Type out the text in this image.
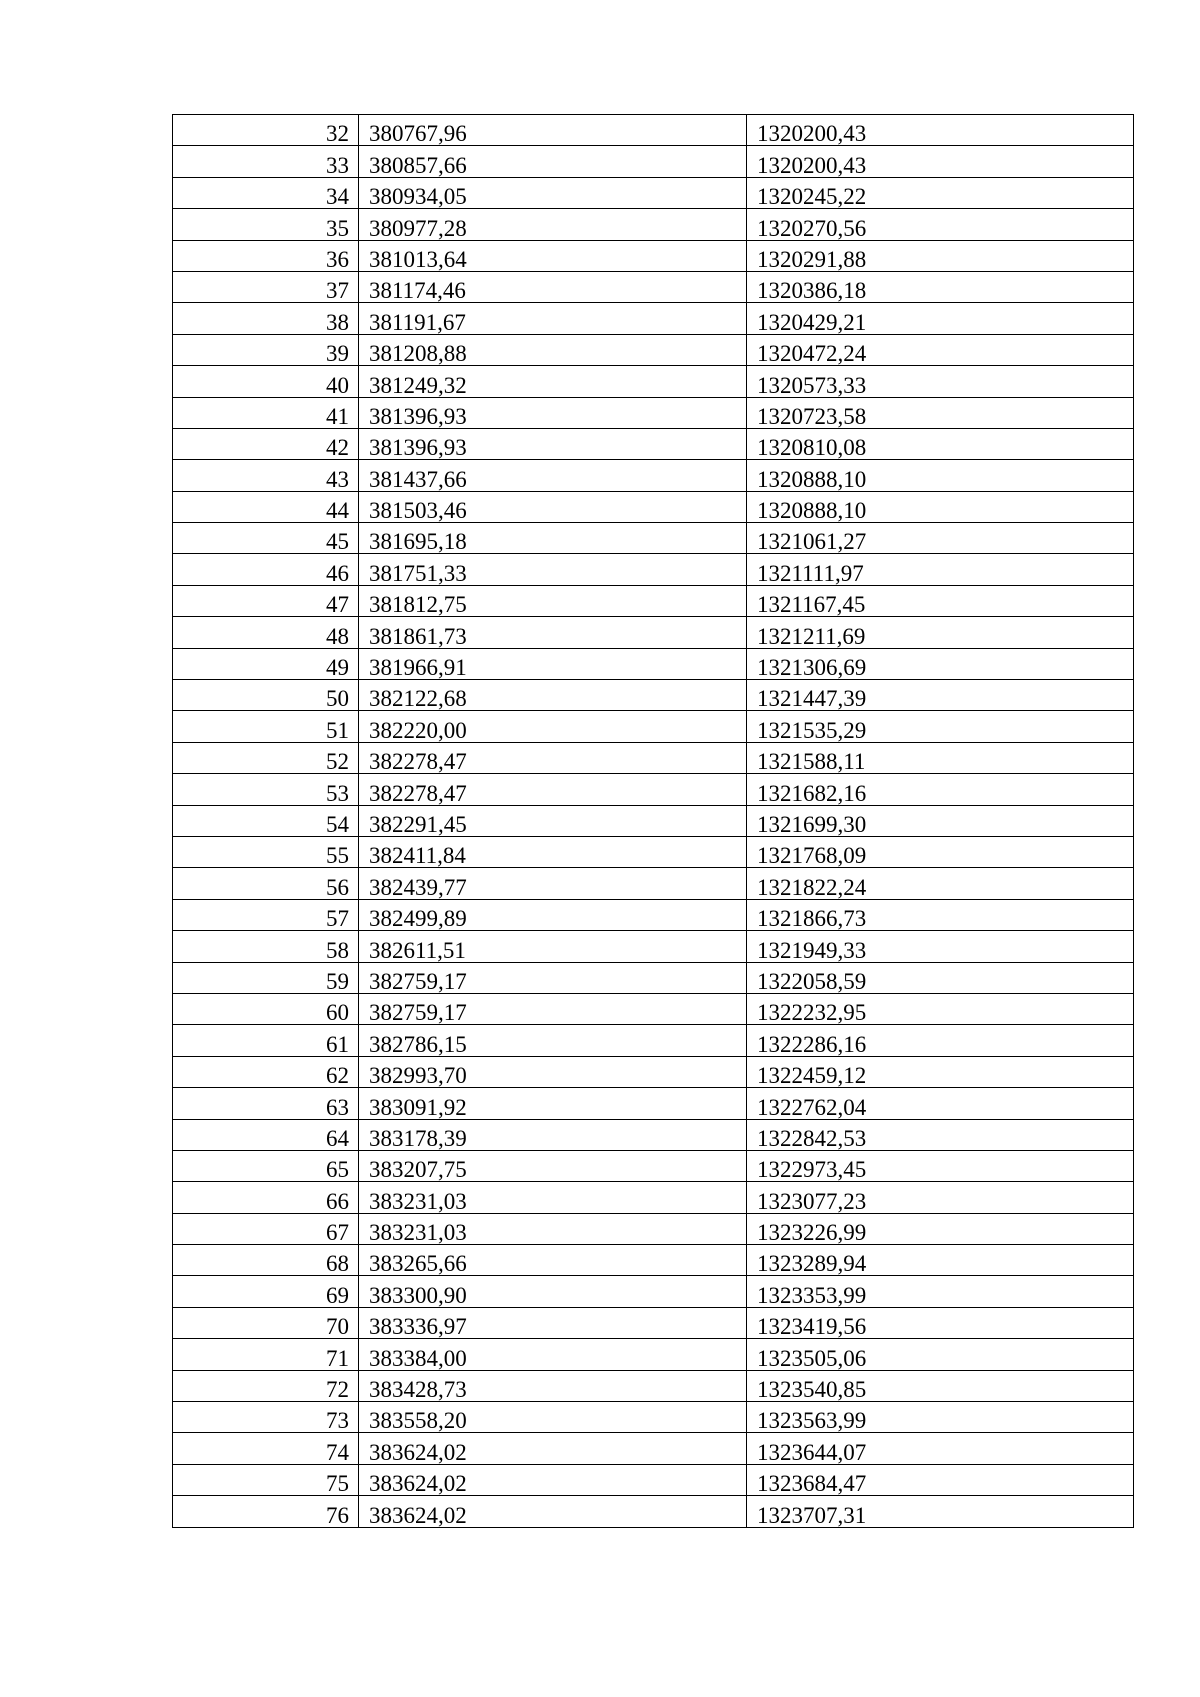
32	380767,96	1320200,43
33	380857,66	1320200,43
34	380934,05	1320245,22
35	380977,28	1320270,56
36	381013,64	1320291,88
37	381174,46	1320386,18
38	381191,67	1320429,21
39	381208,88	1320472,24
40	381249,32	1320573,33
41	381396,93	1320723,58
42	381396,93	1320810,08
43	381437,66	1320888,10
44	381503,46	1320888,10
45	381695,18	1321061,27
46	381751,33	1321111,97
47	381812,75	1321167,45
48	381861,73	1321211,69
49	381966,91	1321306,69
50	382122,68	1321447,39
51	382220,00	1321535,29
52	382278,47	1321588,11
53	382278,47	1321682,16
54	382291,45	1321699,30
55	382411,84	1321768,09
56	382439,77	1321822,24
57	382499,89	1321866,73
58	382611,51	1321949,33
59	382759,17	1322058,59
60	382759,17	1322232,95
61	382786,15	1322286,16
62	382993,70	1322459,12
63	383091,92	1322762,04
64	383178,39	1322842,53
65	383207,75	1322973,45
66	383231,03	1323077,23
67	383231,03	1323226,99
68	383265,66	1323289,94
69	383300,90	1323353,99
70	383336,97	1323419,56
71	383384,00	1323505,06
72	383428,73	1323540,85
73	383558,20	1323563,99
74	383624,02	1323644,07
75	383624,02	1323684,47
76	383624,02	1323707,31
